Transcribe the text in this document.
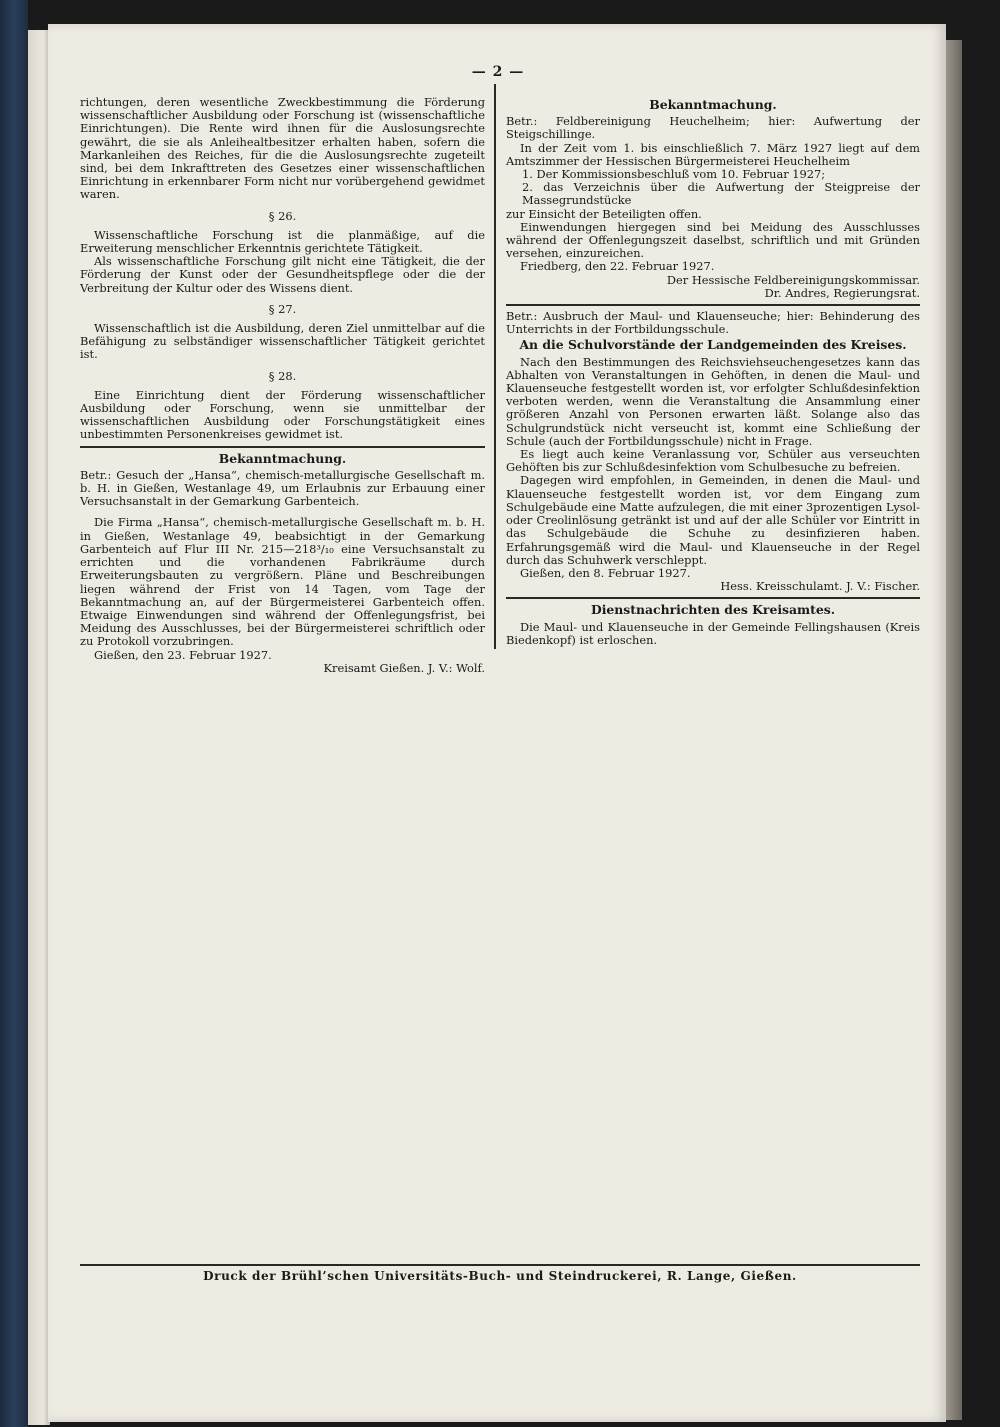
— 2 —

richtungen, deren wesentliche Zweckbestimmung die Förderung wissenschaftlicher Ausbildung oder Forschung ist (wissenschaftliche Einrichtungen). Die Rente wird ihnen für die Auslosungsrechte gewährt, die sie als Anleihealtbesitzer erhalten haben, sofern die Markanleihen des Reiches, für die die Auslosungsrechte zugeteilt sind, bei dem Inkrafttreten des Gesetzes einer wissenschaftlichen Einrichtung in erkennbarer Form nicht nur vorübergehend gewidmet waren.

§ 26.

Wissenschaftliche Forschung ist die planmäßige, auf die Erweiterung menschlicher Erkenntnis gerichtete Tätigkeit.

Als wissenschaftliche Forschung gilt nicht eine Tätigkeit, die der Förderung der Kunst oder der Gesundheitspflege oder die der Verbreitung der Kultur oder des Wissens dient.

§ 27.

Wissenschaftlich ist die Ausbildung, deren Ziel unmittelbar auf die Befähigung zu selbständiger wissenschaftlicher Tätigkeit gerichtet ist.

§ 28.

Eine Einrichtung dient der Förderung wissenschaftlicher Ausbildung oder Forschung, wenn sie unmittelbar der wissenschaftlichen Ausbildung oder Forschungstätigkeit eines unbestimmten Personenkreises gewidmet ist.

Bekanntmachung.

Betr.: Gesuch der „Hansa“, chemisch-metallurgische Gesellschaft m. b. H. in Gießen, Westanlage 49, um Erlaubnis zur Erbauung einer Versuchsanstalt in der Gemarkung Garbenteich.

Die Firma „Hansa“, chemisch-metallurgische Gesellschaft m. b. H. in Gießen, Westanlage 49, beabsichtigt in der Gemarkung Garbenteich auf Flur III Nr. 215—218³/₁₀ eine Versuchsanstalt zu errichten und die vorhandenen Fabrikräume durch Erweiterungsbauten zu vergrößern. Pläne und Beschreibungen liegen während der Frist von 14 Tagen, vom Tage der Bekanntmachung an, auf der Bürgermeisterei Garbenteich offen. Etwaige Einwendungen sind während der Offenlegungsfrist, bei Meidung des Ausschlusses, bei der Bürgermeisterei schriftlich oder zu Protokoll vorzubringen.

Gießen, den 23. Februar 1927.

Kreisamt Gießen. J. V.: Wolf.
Bekanntmachung.

Betr.: Feldbereinigung Heuchelheim; hier: Aufwertung der Steigschillinge.

In der Zeit vom 1. bis einschließlich 7. März 1927 liegt auf dem Amtszimmer der Hessischen Bürgermeisterei Heuchelheim

1. Der Kommissionsbeschluß vom 10. Februar 1927;
2. das Verzeichnis über die Aufwertung der Steigpreise der Massegrundstücke

zur Einsicht der Beteiligten offen.

Einwendungen hiergegen sind bei Meidung des Ausschlusses während der Offenlegungszeit daselbst, schriftlich und mit Gründen versehen, einzureichen.

Friedberg, den 22. Februar 1927.

Der Hessische Feldbereinigungskommissar.
Dr. Andres, Regierungsrat.

Betr.: Ausbruch der Maul- und Klauenseuche; hier: Behinderung des Unterrichts in der Fortbildungsschule.

An die Schulvorstände der Landgemeinden des Kreises.

Nach den Bestimmungen des Reichsviehseuchengesetzes kann das Abhalten von Veranstaltungen in Gehöften, in denen die Maul- und Klauenseuche festgestellt worden ist, vor erfolgter Schlußdesinfektion verboten werden, wenn die Veranstaltung die Ansammlung einer größeren Anzahl von Personen erwarten läßt. Solange also das Schulgrundstück nicht verseucht ist, kommt eine Schließung der Schule (auch der Fortbildungsschule) nicht in Frage.

Es liegt auch keine Veranlassung vor, Schüler aus verseuchten Gehöften bis zur Schlußdesinfektion vom Schulbesuche zu befreien.

Dagegen wird empfohlen, in Gemeinden, in denen die Maul- und Klauenseuche festgestellt worden ist, vor dem Eingang zum Schulgebäude eine Matte aufzulegen, die mit einer 3prozentigen Lysol- oder Creolinlösung getränkt ist und auf der alle Schüler vor Eintritt in das Schulgebäude die Schuhe zu desinfizieren haben. Erfahrungsgemäß wird die Maul- und Klauenseuche in der Regel durch das Schuhwerk verschleppt.

Gießen, den 8. Februar 1927.

Hess. Kreisschulamt. J. V.: Fischer.
Dienstnachrichten des Kreisamtes.

Die Maul- und Klauenseuche in der Gemeinde Fellingshausen (Kreis Biedenkopf) ist erloschen.

Druck der Brühl’schen Universitäts-Buch- und Steindruckerei, R. Lange, Gießen.
